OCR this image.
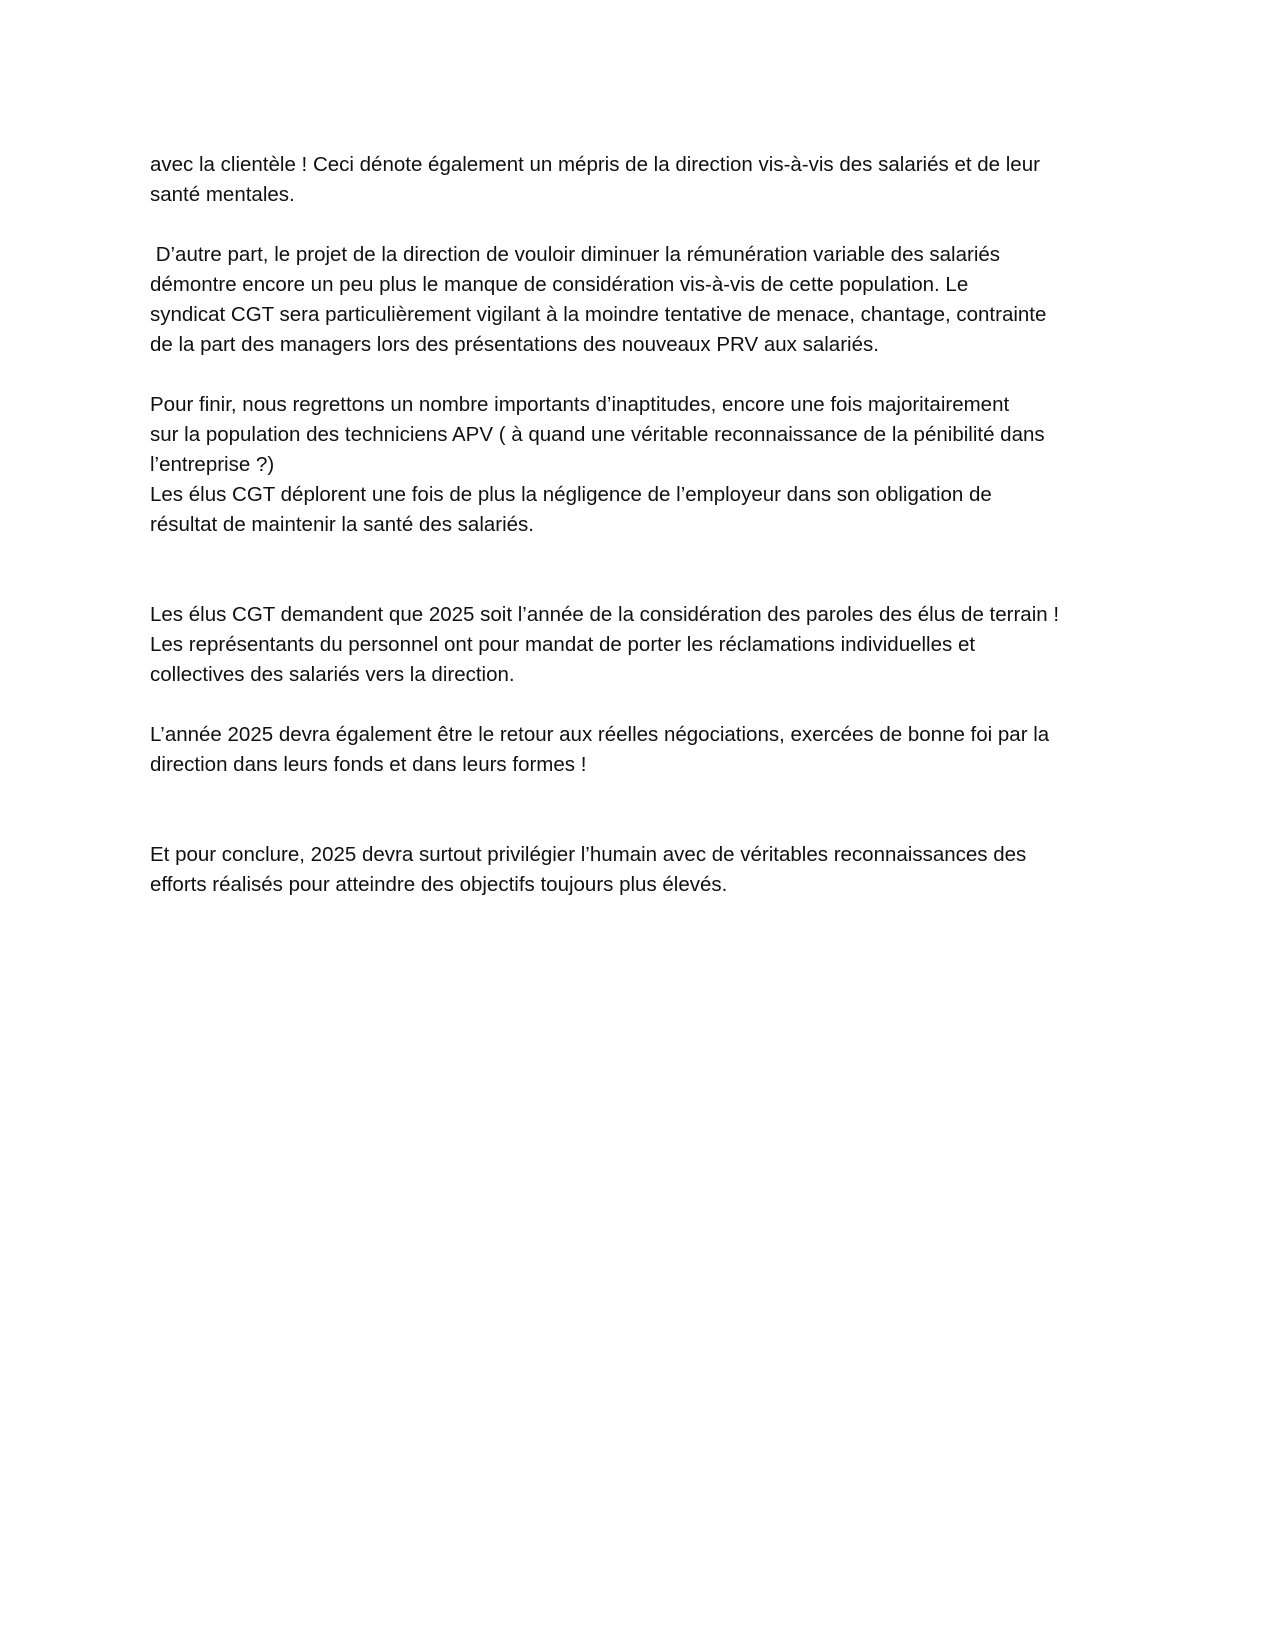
avec la clientèle ! Ceci dénote également un mépris de la direction vis-à-vis des salariés et de leur
santé mentales.
D’autre part, le projet de la direction de vouloir diminuer la rémunération variable des salariés
démontre encore un peu plus le manque de considération vis-à-vis de cette population. Le
syndicat CGT sera particulièrement vigilant à la moindre tentative de menace, chantage, contrainte
de la part des managers lors des présentations des nouveaux PRV aux salariés.
Pour finir, nous regrettons un nombre importants d’inaptitudes, encore une fois majoritairement
sur la population des techniciens APV ( à quand une véritable reconnaissance de la pénibilité dans
l’entreprise ?)
Les élus CGT déplorent une fois de plus la négligence de l’employeur dans son obligation de
résultat de maintenir la santé des salariés.
Les élus CGT demandent que 2025 soit l’année de la considération des paroles des élus de terrain !
Les représentants du personnel ont pour mandat de porter les réclamations individuelles et
collectives des salariés vers la direction.
L’année 2025 devra également être le retour aux réelles négociations, exercées de bonne foi par la
direction dans leurs fonds et dans leurs formes !
Et pour conclure, 2025 devra surtout privilégier l’humain avec de véritables reconnaissances des
efforts réalisés pour atteindre des objectifs toujours plus élevés.
